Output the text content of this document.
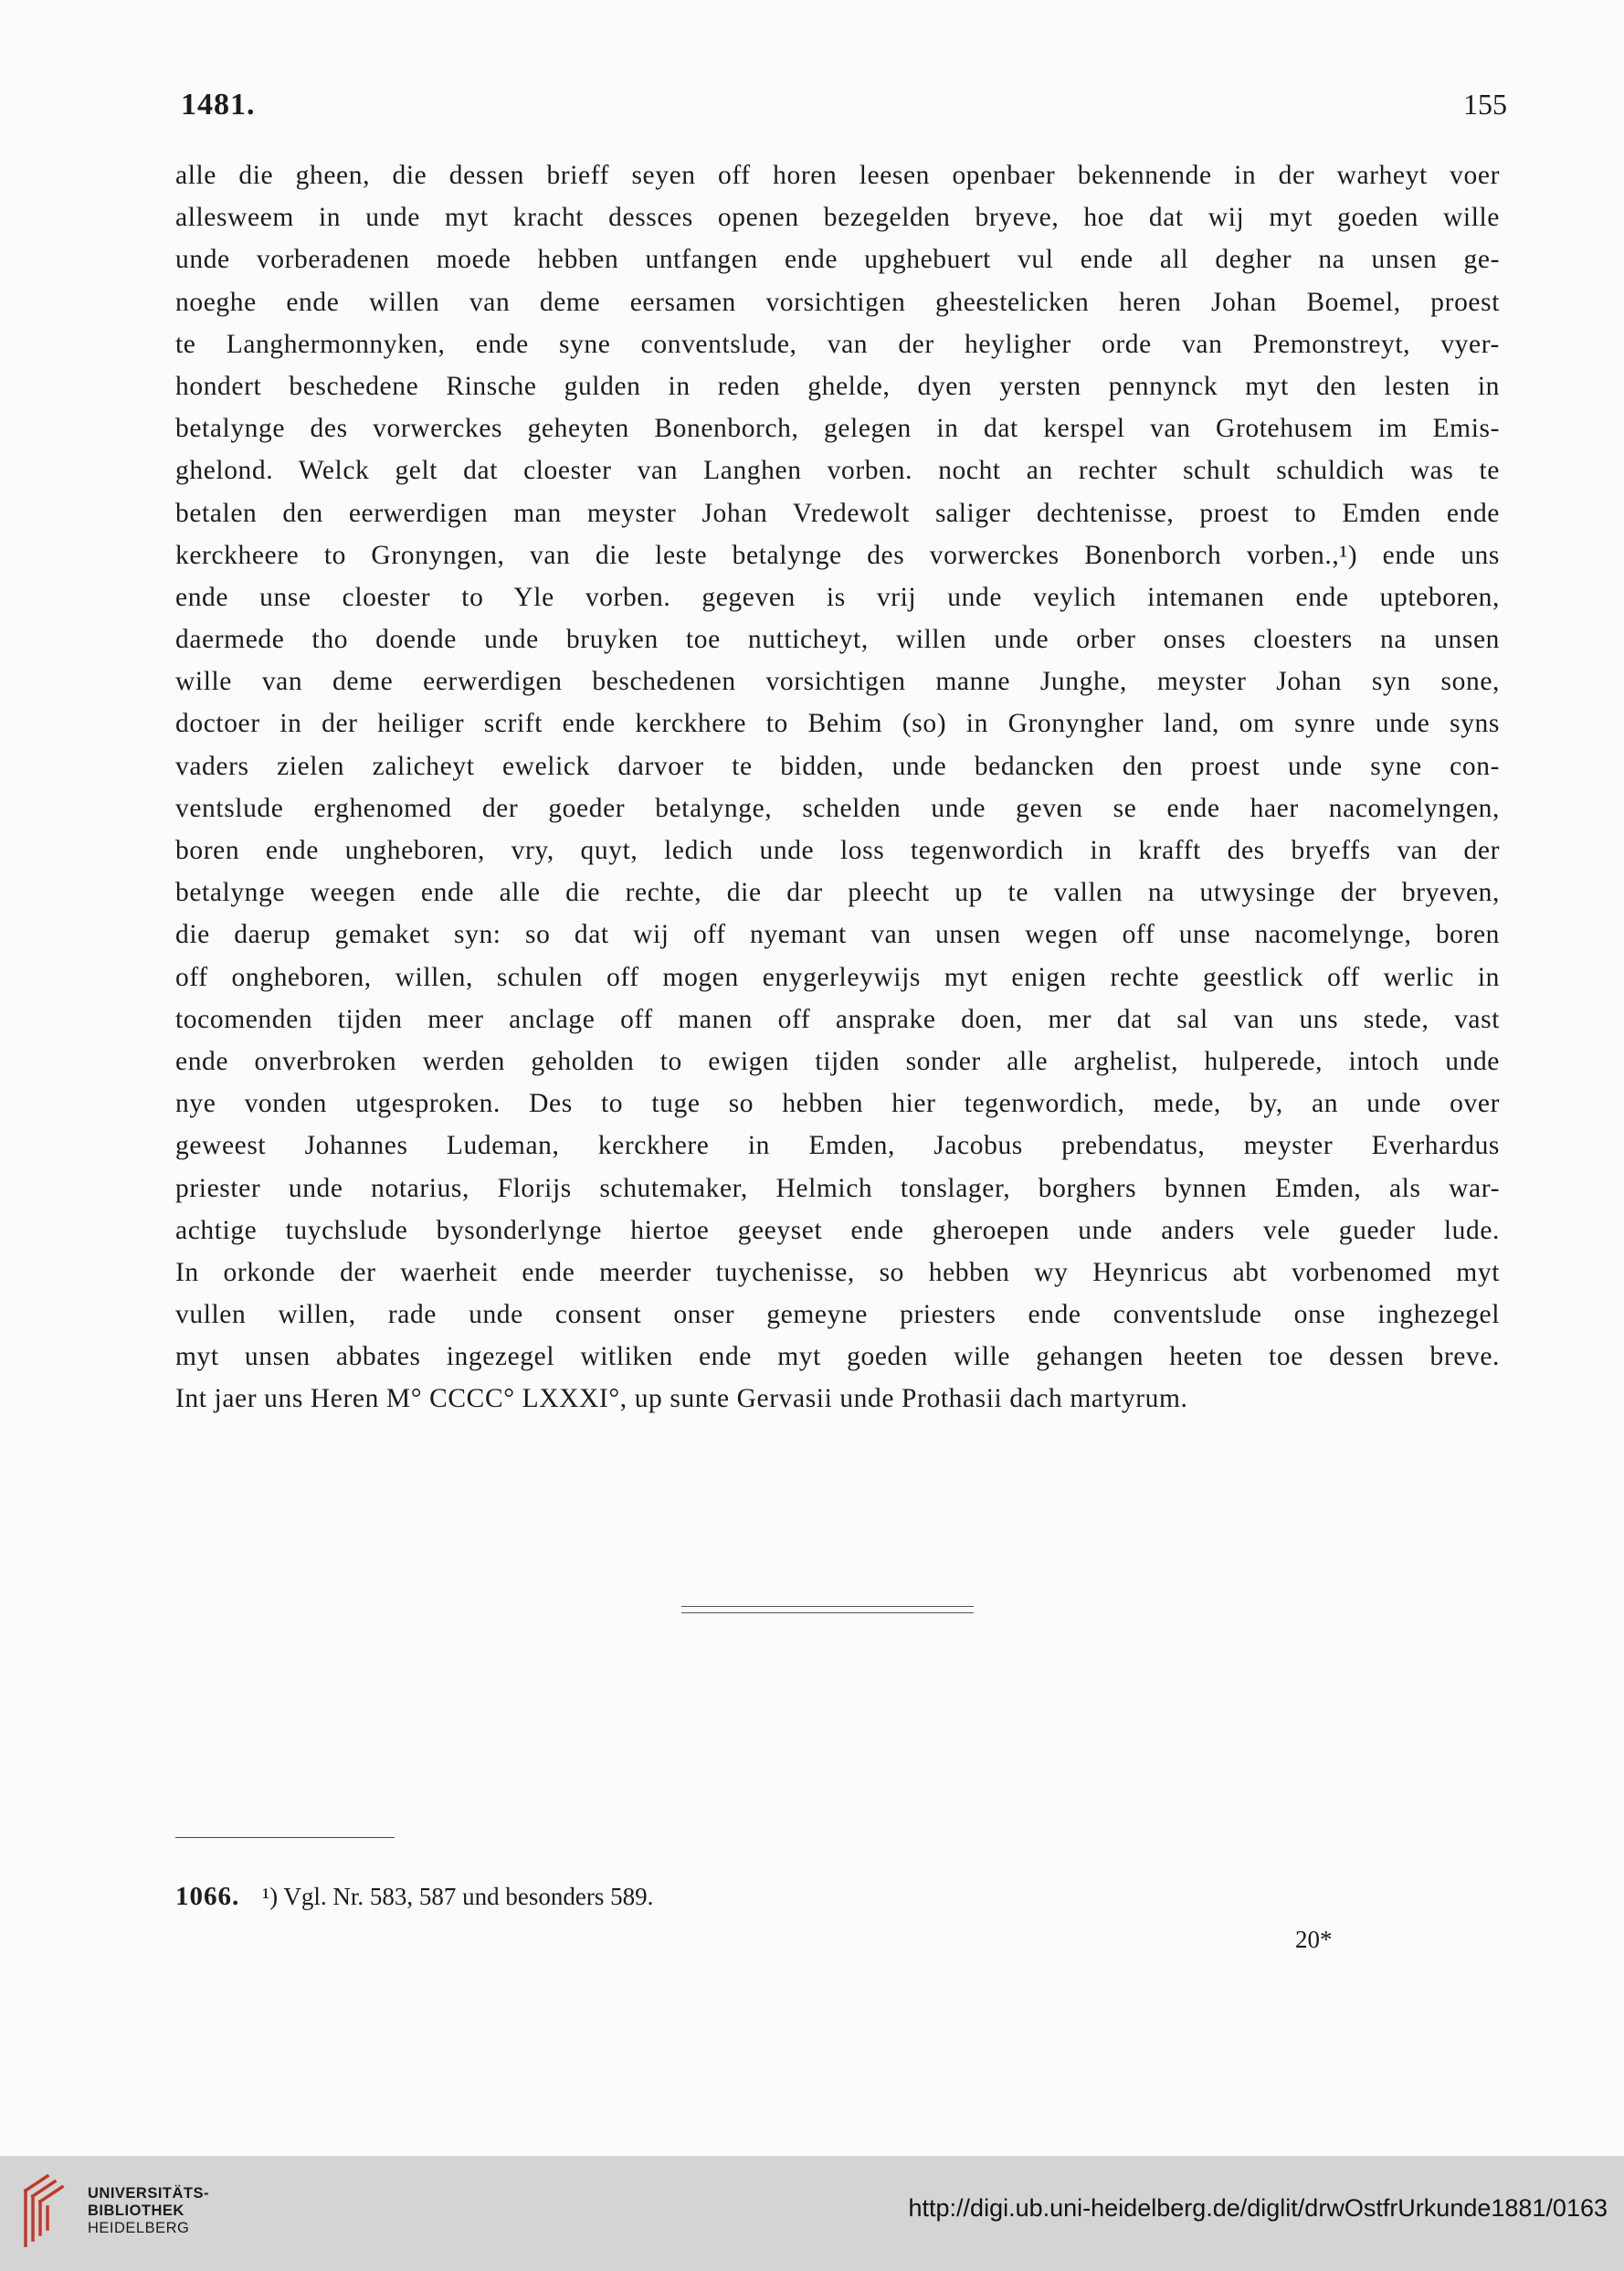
1481.	155
alle die gheen, die dessen brieff seyen off horen leesen openbaer bekennende in der warheyt voer
allesweem in unde myt kracht dessces openen bezegelden bryeve, hoe dat wij myt goeden wille
unde vorberadenen moede hebben untfangen ende upghebuert vul ende all degher na unsen ge-
noeghe ende willen van deme eersamen vorsichtigen gheestelicken heren Johan Boemel, proest
te Langhermonnyken, ende syne conventslude, van der heyligher orde van Premonstreyt, vyer-
hondert beschedene Rinsche gulden in reden ghelde, dyen yersten pennynck myt den lesten in
betalynge des vorwerckes geheyten Bonenborch, gelegen in dat kerspel van Grotehusem im Emis-
ghelond. Welck gelt dat cloester van Langhen vorben. nocht an rechter schult schuldich was te
betalen den eerwerdigen man meyster Johan Vredewolt saliger dechtenisse, proest to Emden ende
kerckheere to Gronyngen, van die leste betalynge des vorwerckes Bonenborch vorben.,¹) ende uns
ende unse cloester to Yle vorben. gegeven is vrij unde veylich intemanen ende upteboren,
daermede tho doende unde bruyken toe nutticheyt, willen unde orber onses cloesters na unsen
wille van deme eerwerdigen beschedenen vorsichtigen manne Junghe, meyster Johan syn sone,
doctoer in der heiliger scrift ende kerckhere to Behim (so) in Gronyngher land, om synre unde syns
vaders zielen zalicheyt ewelick darvoer te bidden, unde bedancken den proest unde syne con-
ventslude erghenomed der goeder betalynge, schelden unde geven se ende haer nacomelyngen,
boren ende ungheboren, vry, quyt, ledich unde loss tegenwordich in krafft des bryeffs van der
betalynge weegen ende alle die rechte, die dar pleecht up te vallen na utwysinge der bryeven,
die daerup gemaket syn: so dat wij off nyemant van unsen wegen off unse nacomelynge, boren
off ongheboren, willen, schulen off mogen enygerleywijs myt enigen rechte geestlick off werlic in
tocomenden tijden meer anclage off manen off ansprake doen, mer dat sal van uns stede, vast
ende onverbroken werden geholden to ewigen tijden sonder alle arghelist, hulperede, intoch unde
nye vonden utgesproken. Des to tuge so hebben hier tegenwordich, mede, by, an unde over
geweest Johannes Ludeman, kerckhere in Emden, Jacobus prebendatus, meyster Everhardus
priester unde notarius, Florijs schutemaker, Helmich tonslager, borghers bynnen Emden, als war-
achtige tuychslude bysonderlynge hiertoe geeyset ende gheroepen unde anders vele gueder lude.
In orkonde der waerheit ende meerder tuychenisse, so hebben wy Heynricus abt vorbenomed myt
vullen willen, rade unde consent onser gemeyne priesters ende conventslude onse inghezegel
myt unsen abbates ingezegel witliken ende myt goeden wille gehangen heeten toe dessen breve.
Int jaer uns Heren M° CCCC° LXXXI°, up sunte Gervasii unde Prothasii dach martyrum.
1066. ¹) Vgl. Nr. 583, 587 und besonders 589.
20*
UNIVERSITÄTS-
BIBLIOTHEK
HEIDELBERG
http://digi.ub.uni-heidelberg.de/diglit/drwOstfrUrkunde1881/0163
